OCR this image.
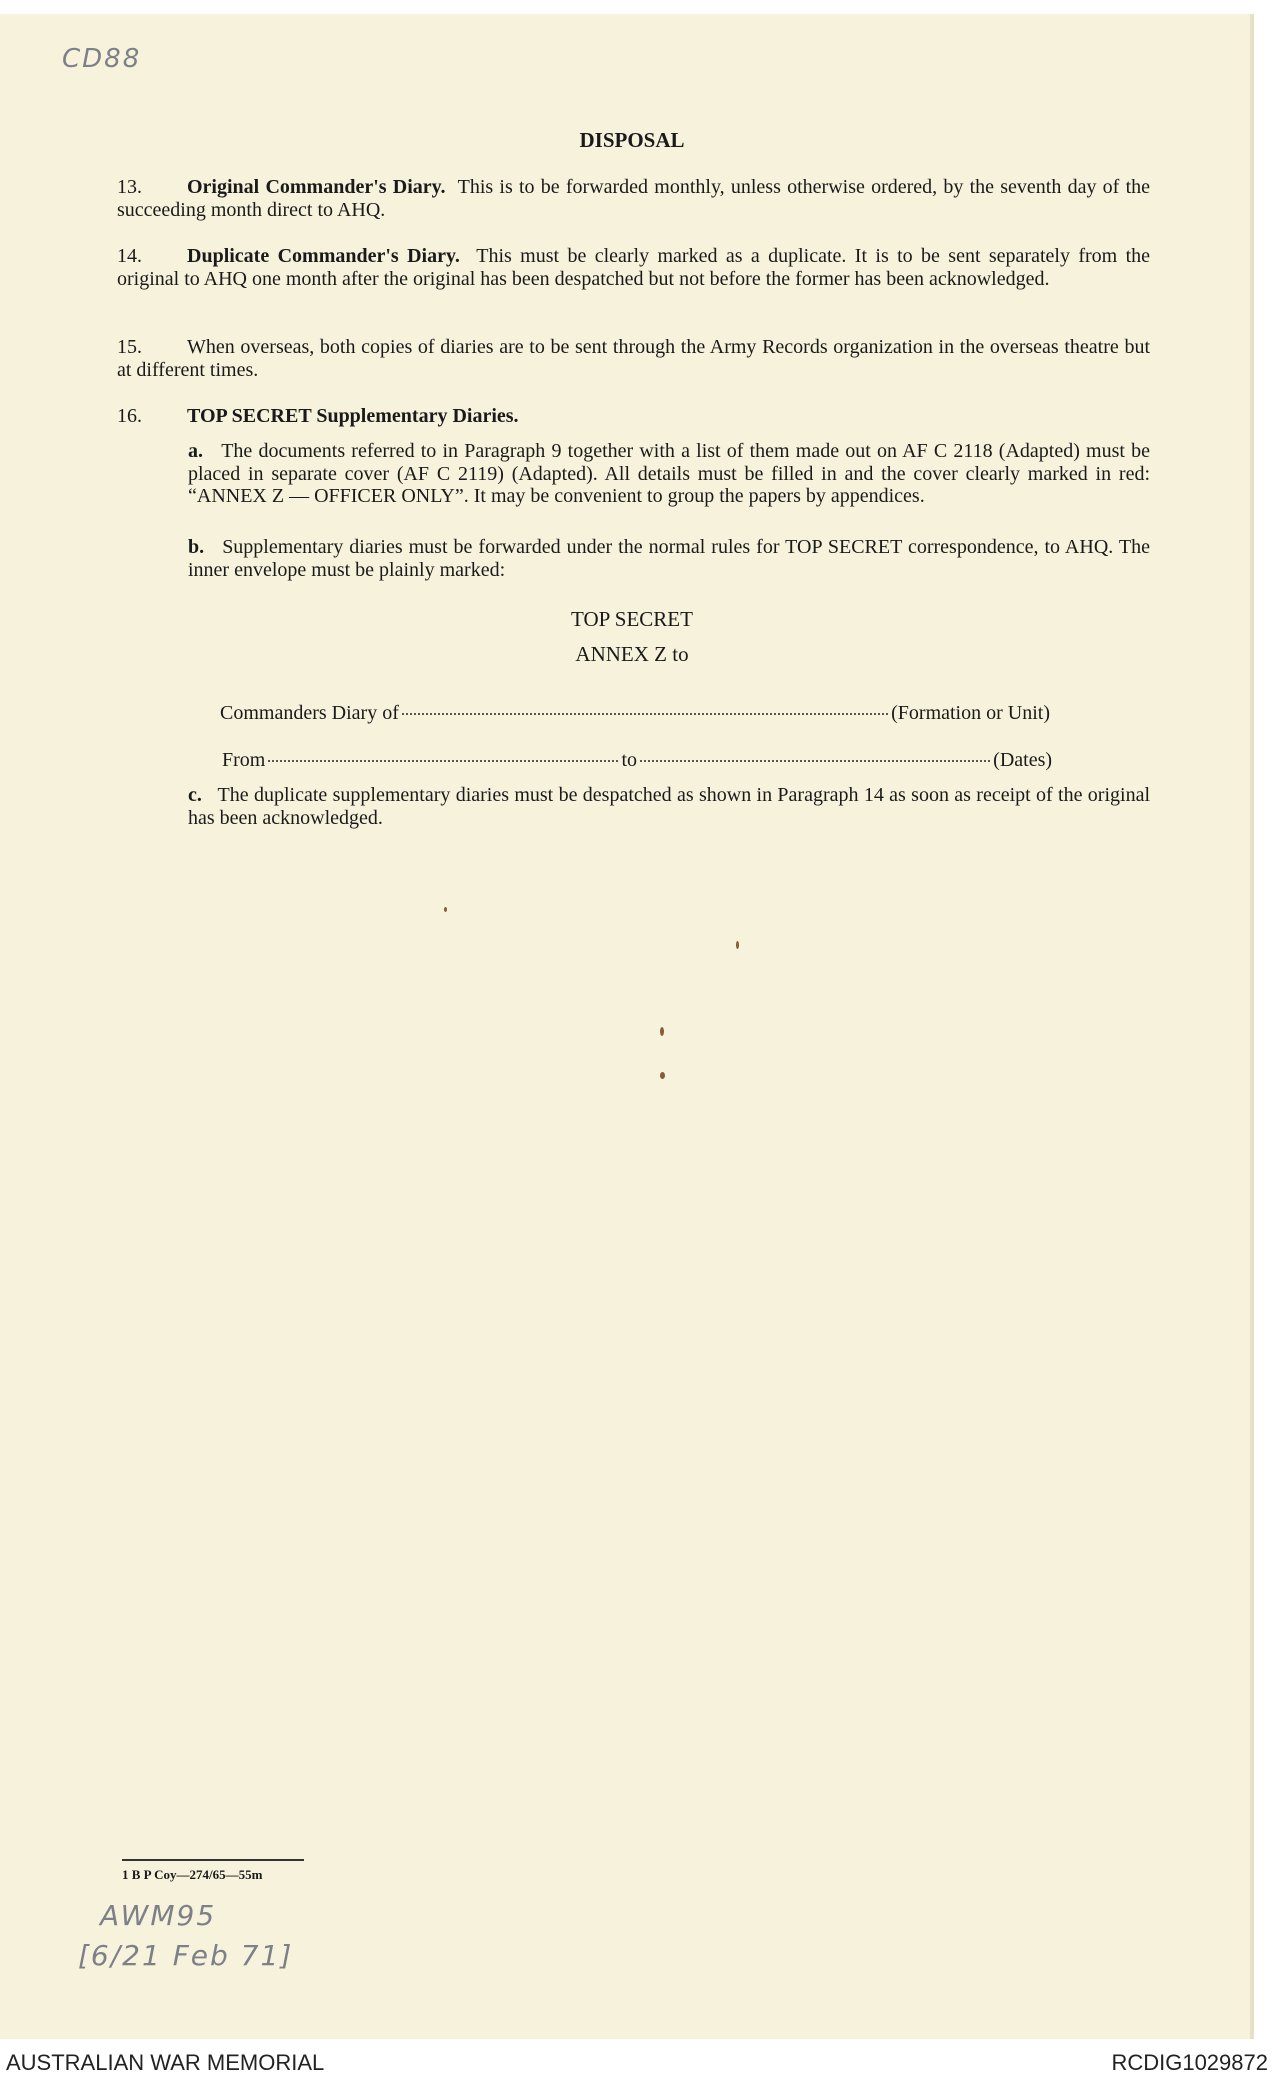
CD88
DISPOSAL
13. Original Commander's Diary. This is to be forwarded monthly, unless otherwise ordered, by the seventh day of the succeeding month direct to AHQ.
14. Duplicate Commander's Diary. This must be clearly marked as a duplicate. It is to be sent separately from the original to AHQ one month after the original has been despatched but not before the former has been acknowledged.
15. When overseas, both copies of diaries are to be sent through the Army Records organization in the overseas theatre but at different times.
16. TOP SECRET Supplementary Diaries.
a. The documents referred to in Paragraph 9 together with a list of them made out on AF C 2118 (Adapted) must be placed in separate cover (AF C 2119) (Adapted). All details must be filled in and the cover clearly marked in red: “ANNEX Z — OFFICER ONLY”. It may be convenient to group the papers by appendices.
b. Supplementary diaries must be forwarded under the normal rules for TOP SECRET correspondence, to AHQ. The inner envelope must be plainly marked:
TOP SECRET
ANNEX Z to
Commanders Diary of	(Formation or Unit)
From	to	(Dates)
c. The duplicate supplementary diaries must be despatched as shown in Paragraph 14 as soon as receipt of the original has been acknowledged.
1 B P Coy—274/65—55m
AWM95
[6/21 Feb 71]
AUSTRALIAN WAR MEMORIAL	RCDIG1029872
